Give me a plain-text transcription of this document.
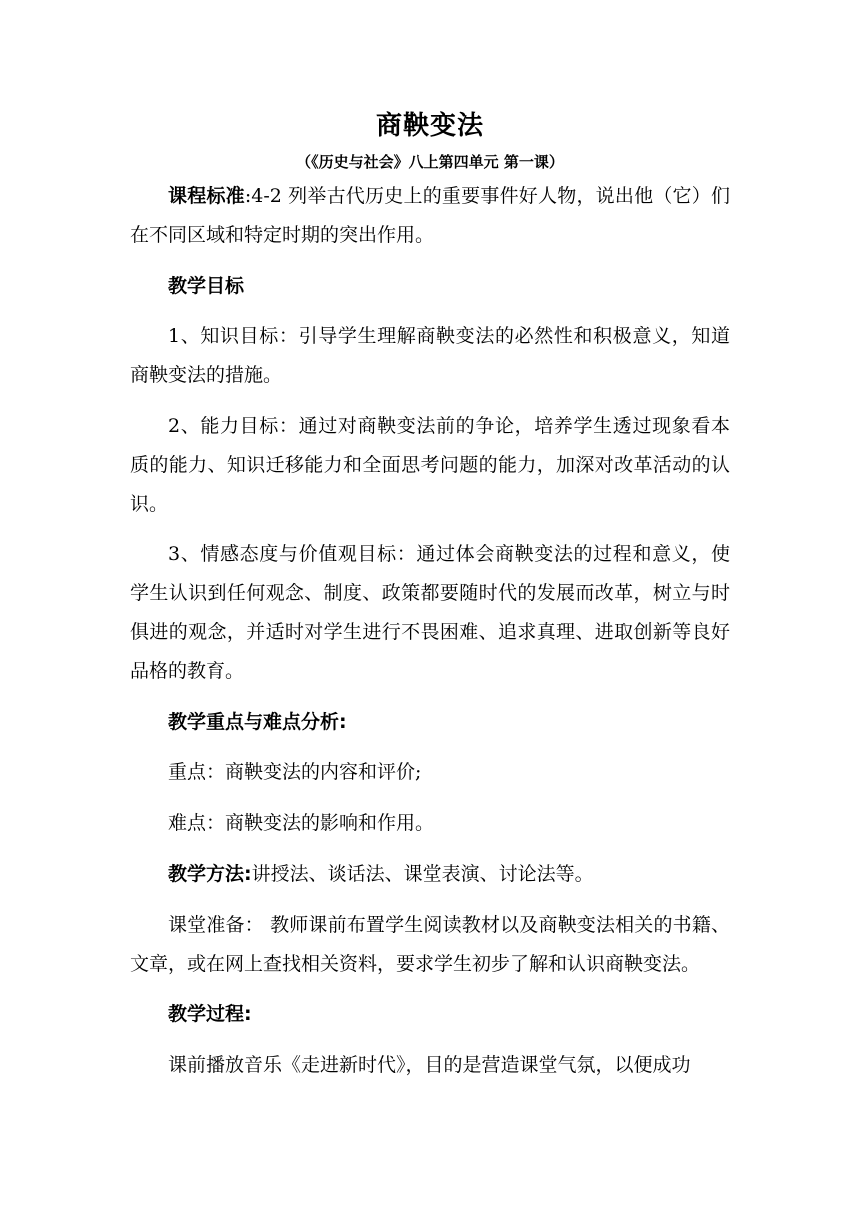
商鞅变法
（《历史与社会》八上第四单元 第一课）

课程标准:4-2 列举古代历史上的重要事件好人物，说出他（它）们在不同区域和特定时期的突出作用。

教学目标

1、知识目标：引导学生理解商鞅变法的必然性和积极意义，知道商鞅变法的措施。

2、能力目标：通过对商鞅变法前的争论，培养学生透过现象看本质的能力、知识迁移能力和全面思考问题的能力，加深对改革活动的认识。

3、情感态度与价值观目标：通过体会商鞅变法的过程和意义，使学生认识到任何观念、制度、政策都要随时代的发展而改革，树立与时俱进的观念，并适时对学生进行不畏困难、追求真理、进取创新等良好品格的教育。

教学重点与难点分析:

重点：商鞅变法的内容和评价;

难点：商鞅变法的影响和作用。

教学方法:讲授法、谈话法、课堂表演、讨论法等。

课堂准备： 教师课前布置学生阅读教材以及商鞅变法相关的书籍、文章，或在网上查找相关资料，要求学生初步了解和认识商鞅变法。

教学过程:

课前播放音乐《走进新时代》，目的是营造课堂气氛，以便成功
